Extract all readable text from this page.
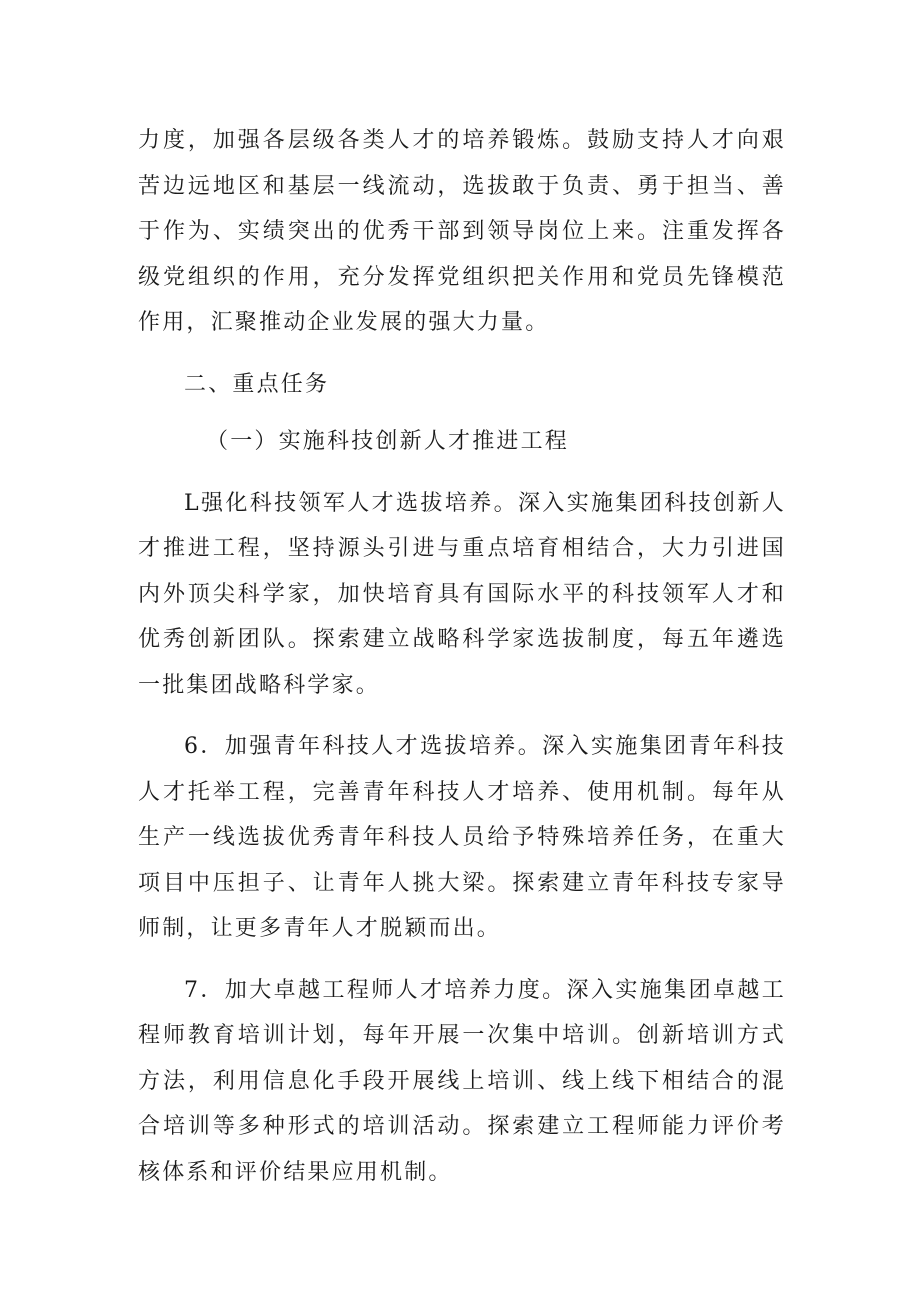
力度，加强各层级各类人才的培养锻炼。鼓励支持人才向艰苦边远地区和基层一线流动，选拔敢于负责、勇于担当、善于作为、实绩突出的优秀干部到领导岗位上来。注重发挥各级党组织的作用，充分发挥党组织把关作用和党员先锋模范作用，汇聚推动企业发展的强大力量。

二、重点任务

（一）实施科技创新人才推进工程

L强化科技领军人才选拔培养。深入实施集团科技创新人才推进工程，坚持源头引进与重点培育相结合，大力引进国内外顶尖科学家，加快培育具有国际水平的科技领军人才和优秀创新团队。探索建立战略科学家选拔制度，每五年遴选一批集团战略科学家。

6．加强青年科技人才选拔培养。深入实施集团青年科技人才托举工程，完善青年科技人才培养、使用机制。每年从生产一线选拔优秀青年科技人员给予特殊培养任务，在重大项目中压担子、让青年人挑大梁。探索建立青年科技专家导师制，让更多青年人才脱颖而出。

7．加大卓越工程师人才培养力度。深入实施集团卓越工程师教育培训计划，每年开展一次集中培训。创新培训方式方法，利用信息化手段开展线上培训、线上线下相结合的混合培训等多种形式的培训活动。探索建立工程师能力评价考核体系和评价结果应用机制。
